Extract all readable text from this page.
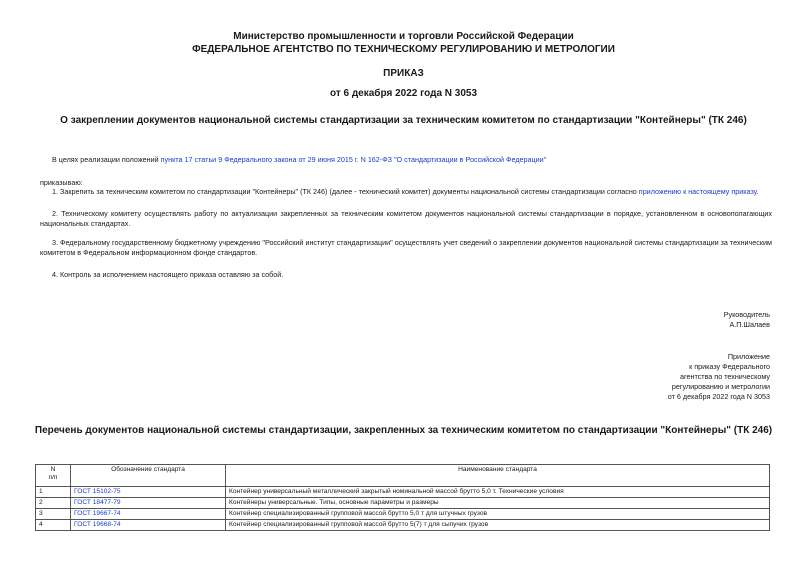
Министерство промышленности и торговли Российской Федерации
ФЕДЕРАЛЬНОЕ АГЕНТСТВО ПО ТЕХНИЧЕСКОМУ РЕГУЛИРОВАНИЮ И МЕТРОЛОГИИ
ПРИКАЗ
от 6 декабря 2022 года N 3053
О закреплении документов национальной системы стандартизации за техническим комитетом по стандартизации "Контейнеры" (ТК 246)
В целях реализации положений пункта 17 статьи 9 Федерального закона от 29 июня 2015 г. N 162-ФЗ "О стандартизации в Российской Федерации"
приказываю:
1. Закрепить за техническим комитетом по стандартизации "Контейнеры" (ТК 246) (далее - технический комитет) документы национальной системы стандартизации согласно приложению к настоящему приказу.
2. Техническому комитету осуществлять работу по актуализации закрепленных за техническим комитетом документов национальной системы стандартизации в порядке, установленном в основополагающих национальных стандартах.
3. Федеральному государственному бюджетному учреждению "Российский институт стандартизации" осуществлять учет сведений о закреплении документов национальной системы стандартизации за техническим комитетом в Федеральном информационном фонде стандартов.
4. Контроль за исполнением настоящего приказа оставляю за собой.
Руководитель
А.П.Шалаев
Приложение
к приказу Федерального
агентства по техническому
регулированию и метрологии
от 6 декабря 2022 года N 3053
Перечень документов национальной системы стандартизации, закрепленных за техническим комитетом по стандартизации "Контейнеры" (ТК 246)
N
п/п	Обозначение стандарта	Наименование стандарта
1	ГОСТ 15102-75	Контейнер универсальный металлический закрытый номинальной массой брутто 5,0 т. Технические условия
2	ГОСТ 18477-79	Контейнеры универсальные. Типы, основные параметры и размеры
3	ГОСТ 19667-74	Контейнер специализированный групповой массой брутто 5,0 т для штучных грузов
4	ГОСТ 19668-74	Контейнер специализированный групповой массой брутто 5(7) т для сыпучих грузов
